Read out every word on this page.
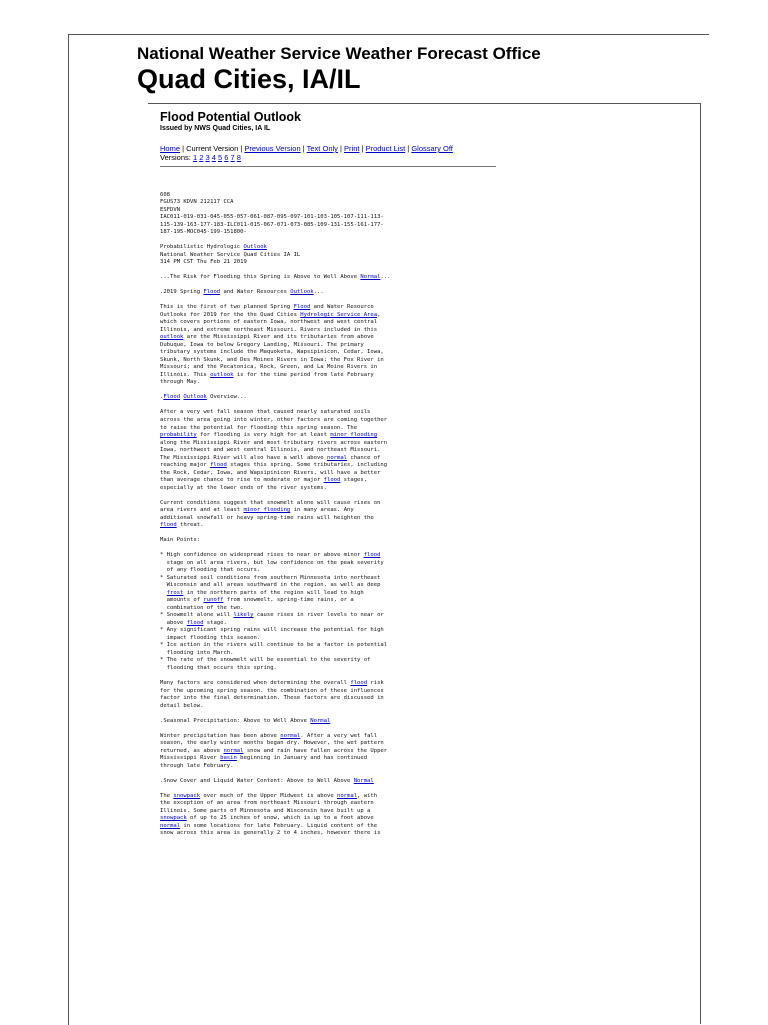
National Weather Service Weather Forecast Office
Quad Cities, IA/IL
Flood Potential Outlook
Issued by NWS Quad Cities, IA IL
Home | Current Version | Previous Version | Text Only | Print | Product List | Glossary Off
Versions: 1 2 3 4 5 6 7 8

608
FGUS73 KDVN 212117 CCA
ESFDVN
IAC011-019-031-045-055-057-061-087-095-097-101-103-105-107-111-113-
115-139-163-177-183-ILC011-015-067-071-073-085-109-131-155-161-177-
187-195-MOC045-199-151800-

Probabilistic Hydrologic Outlook
National Weather Service Quad Cities IA IL
314 PM CST Thu Feb 21 2019

...The Risk for Flooding this Spring is Above to Well Above Normal...

.2019 Spring Flood and Water Resources Outlook...

This is the first of two planned Spring Flood and Water Resource
Outlooks for 2019 for the the Quad Cities Hydrologic Service Area,
which covers portions of eastern Iowa, northwest and west central
Illinois, and extreme northeast Missouri. Rivers included in this
outlook are the Mississippi River and its tributaries from above
Dubuque, Iowa to below Gregory Landing, Missouri. The primary
tributary systems include the Maquoketa, Wapsipinicon, Cedar, Iowa,
Skunk, North Skunk, and Des Moines Rivers in Iowa; the Fox River in
Missouri; and the Pecatonica, Rock, Green, and La Moine Rivers in
Illinois. This outlook is for the time period from late February
through May.

.Flood Outlook Overview...

After a very wet fall season that caused nearly saturated soils
across the area going into winter, other factors are coming together
to raise the potential for flooding this spring season. The
probability for flooding is very high for at least minor flooding
along the Mississippi River and most tributary rivers across eastern
Iowa, northwest and west central Illinois, and northeast Missouri.
The Mississippi River will also have a well above normal chance of
reaching major flood stages this spring. Some tributaries, including
the Rock, Cedar, Iowa, and Wapsipinicon Rivers, will have a better
than average chance to rise to moderate or major flood stages,
especially at the lower ends of the river systems.

Current conditions suggest that snowmelt alone will cause rises on
area rivers and at least minor flooding in many areas. Any
additional snowfall or heavy spring-time rains will heighten the
flood threat.

Main Points:

* High confidence on widespread rises to near or above minor flood
stage on all area rivers, but low confidence on the peak severity
of any flooding that occurs.
* Saturated soil conditions from southern Minnesota into northeast
Wisconsin and all areas southward in the region, as well as deep
frost in the northern parts of the region will lead to high
amounts of runoff from snowmelt, spring-time rains, or a
combination of the two.
* Snowmelt alone will likely cause rises in river levels to near or
above flood stage.
* Any significant spring rains will increase the potential for high
impact flooding this season.
* Ice action in the rivers will continue to be a factor in potential
flooding into March.
* The rate of the snowmelt will be essential to the severity of
flooding that occurs this spring.

Many factors are considered when determining the overall flood risk
for the upcoming spring season. the combination of these influences
factor into the final determination. These factors are discussed in
detail below.

.Seasonal Precipitation: Above to Well Above Normal

Winter precipitation has been above normal. After a very wet fall
season, the early winter months began dry. However, the wet pattern
returned, as above normal snow and rain have fallen across the Upper
Mississippi River basin beginning in January and has continued
through late February.

.Snow Cover and Liquid Water Content: Above to Well Above Normal

The snowpack over much of the Upper Midwest is above normal, with
the exception of an area from northeast Missouri through eastern
Illinois. Some parts of Minnesota and Wisconsin have built up a
snowpack of up to 25 inches of snow, which is up to a foot above
normal in some locations for late February. Liquid content of the
snow across this area is generally 2 to 4 inches, however there is
